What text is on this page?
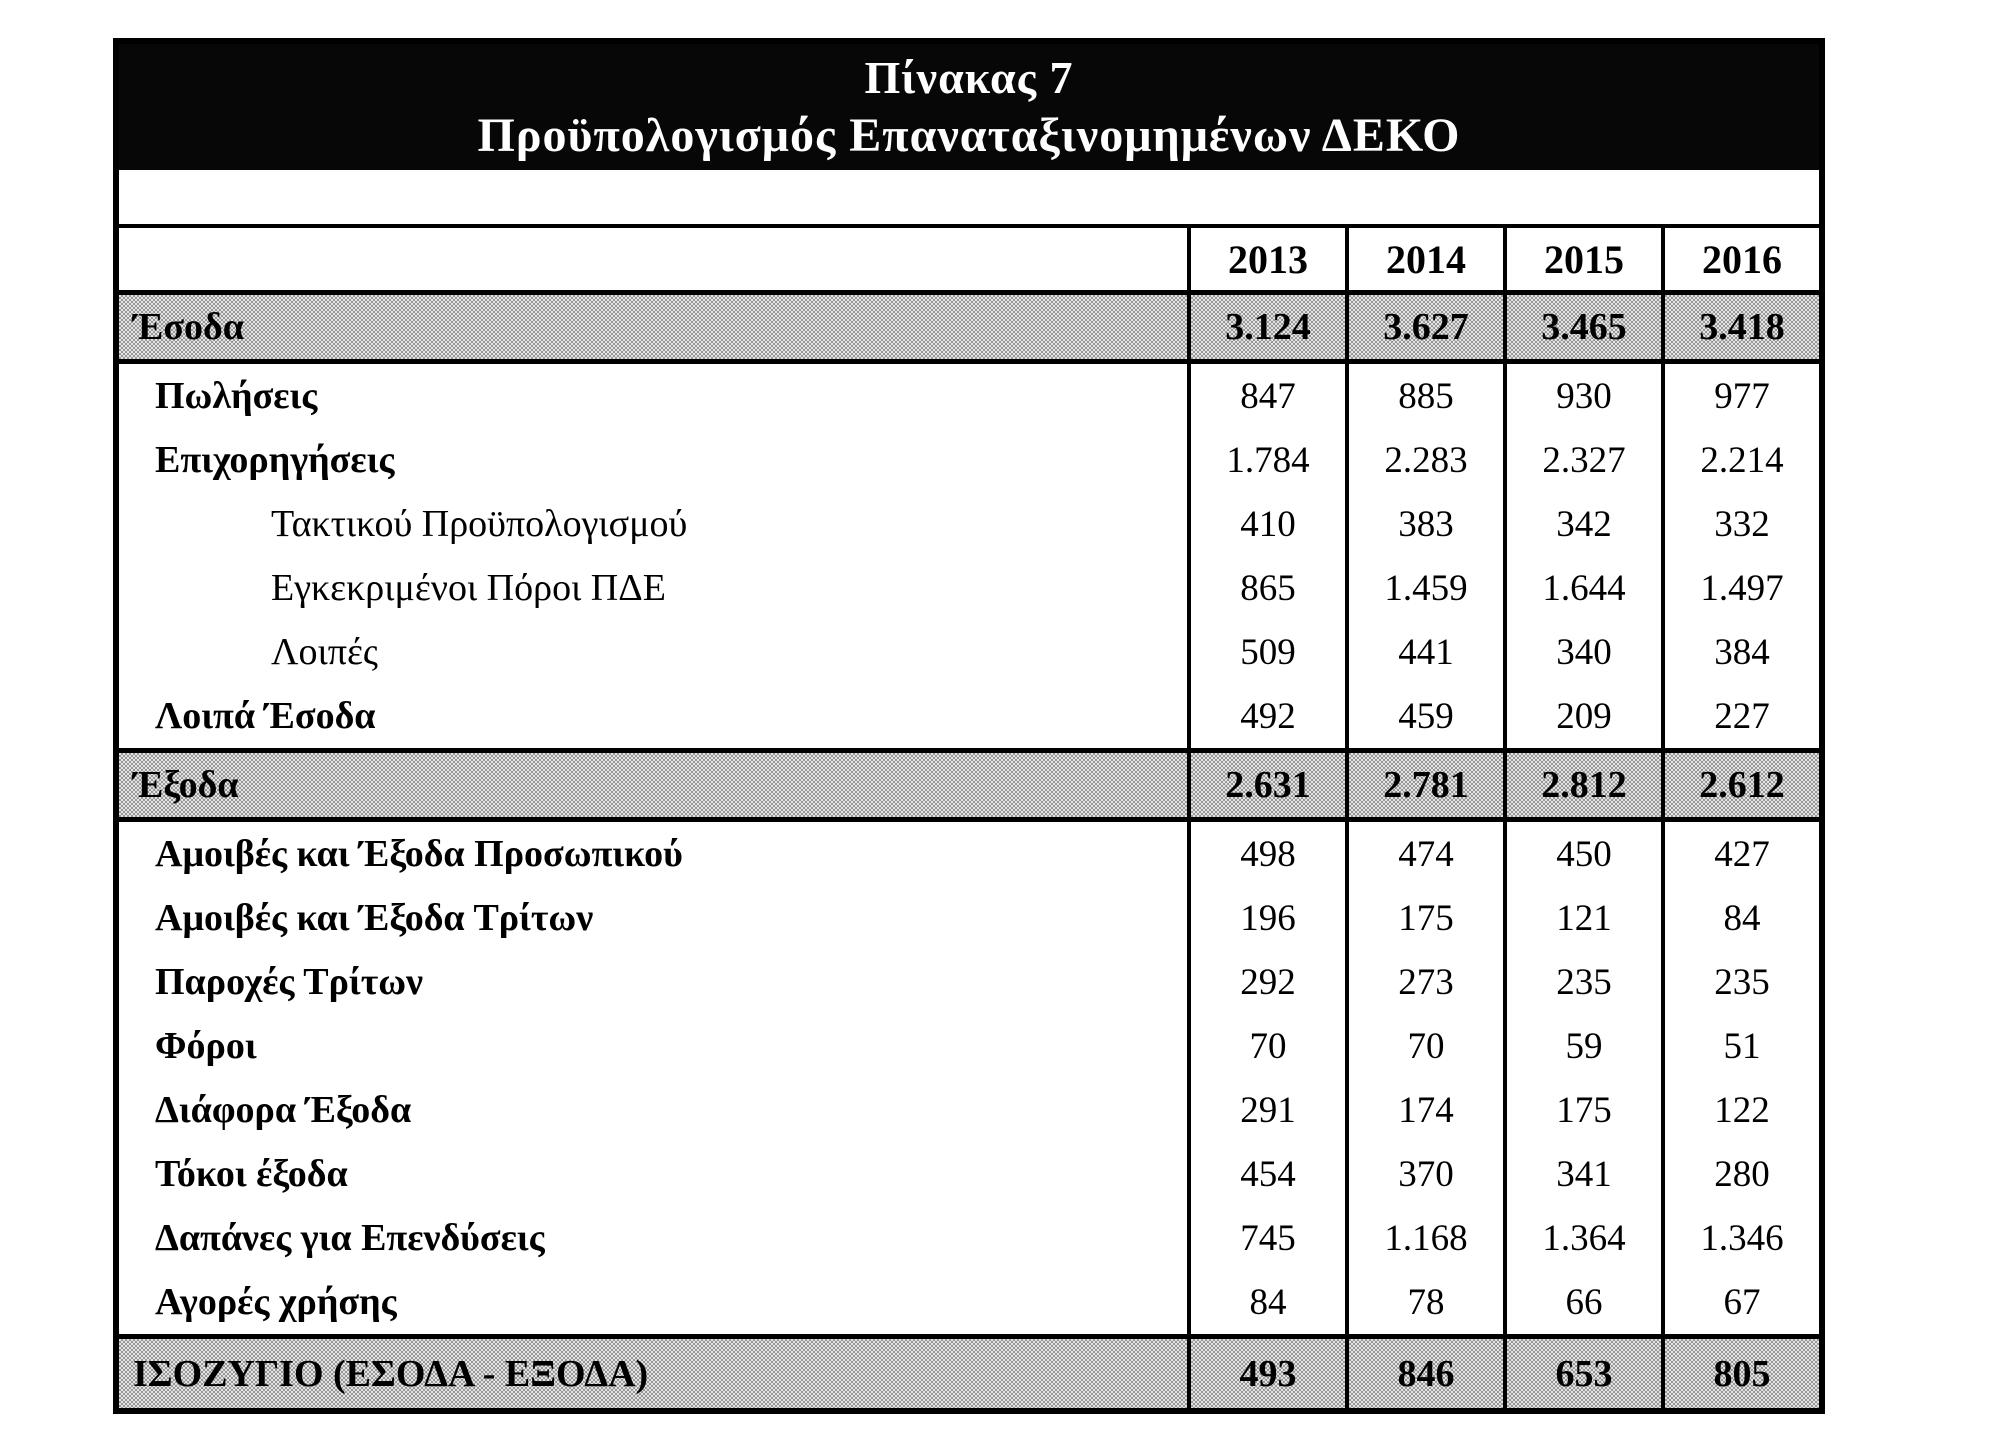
Πίνακας 7
Προϋπολογισμός Επαναταξινομημένων ΔΕΚΟ
2013	2014	2015	2016
Έσοδα	3.124	3.627	3.465	3.418
Πωλήσεις	847	885	930	977
Επιχορηγήσεις	1.784	2.283	2.327	2.214
Τακτικού Προϋπολογισμού	410	383	342	332
Εγκεκριμένοι Πόροι ΠΔΕ	865	1.459	1.644	1.497
Λοιπές	509	441	340	384
Λοιπά Έσοδα	492	459	209	227
Έξοδα	2.631	2.781	2.812	2.612
Αμοιβές και Έξοδα Προσωπικού	498	474	450	427
Αμοιβές και Έξοδα Τρίτων	196	175	121	84
Παροχές Τρίτων	292	273	235	235
Φόροι	70	70	59	51
Διάφορα Έξοδα	291	174	175	122
Τόκοι έξοδα	454	370	341	280
Δαπάνες για Επενδύσεις	745	1.168	1.364	1.346
Αγορές χρήσης	84	78	66	67
ΙΣΟΖΥΓΙΟ (ΕΣΟΔΑ - ΕΞΟΔΑ)	493	846	653	805
